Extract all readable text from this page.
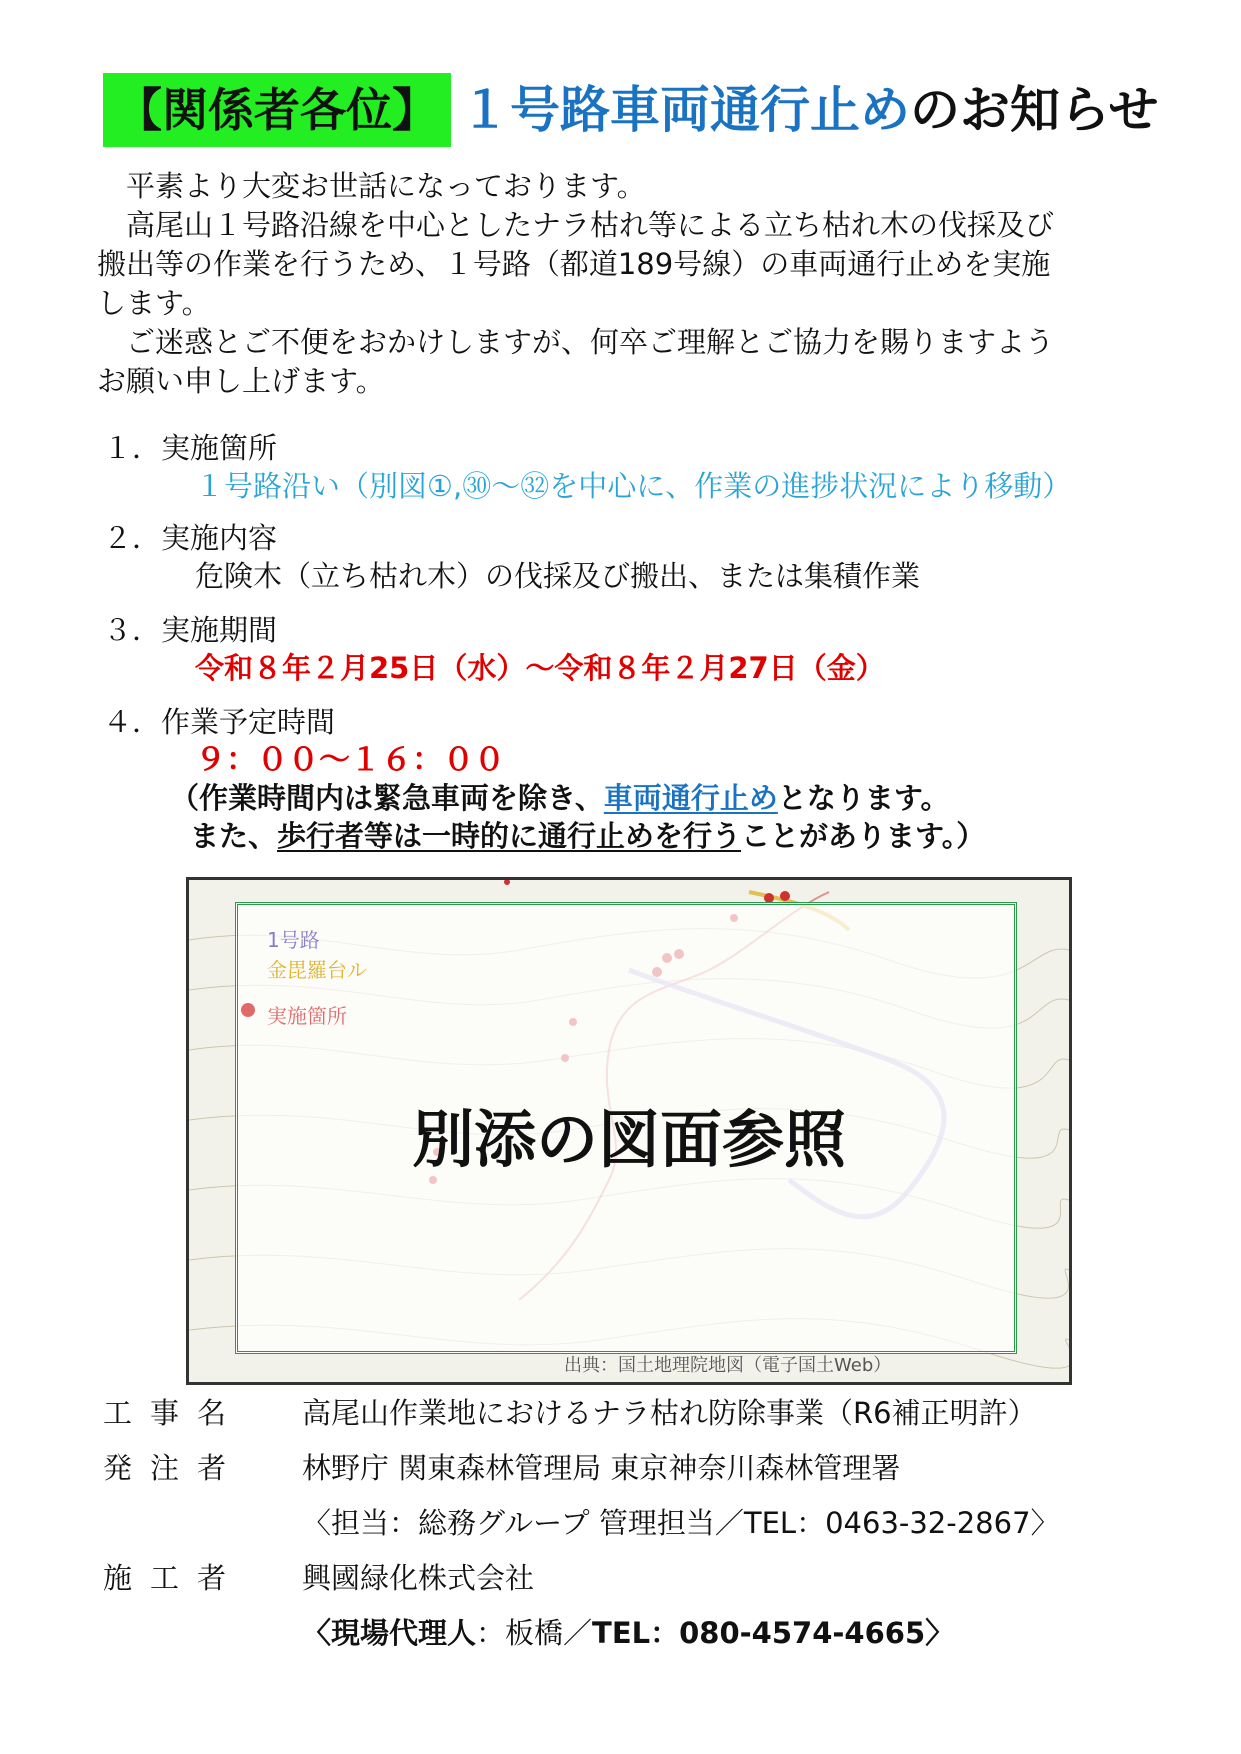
【関係者各位】 １号路車両通行止めのお知らせ
　平素より大変お世話になっております。
　高尾山１号路沿線を中心としたナラ枯れ等による立ち枯れ木の伐採及び
搬出等の作業を行うため、１号路（都道189号線）の車両通行止めを実施
します。
　ご迷惑とご不便をおかけしますが、何卒ご理解とご協力を賜りますよう
お願い申し上げます。
１．実施箇所
１号路沿い（別図①,㉚～㉜を中心に、作業の進捗状況により移動）
２．実施内容
危険木（立ち枯れ木）の伐採及び搬出、または集積作業
３．実施期間
令和８年２月25日（水）～令和８年２月27日（金）
４．作業予定時間
９：００～１６：００
（作業時間内は緊急車両を除き、車両通行止めとなります。
また、歩行者等は一時的に通行止めを行うことがあります。）
1号路
金毘羅台ル
実施箇所
別添の図面参照
出典：国土地理院地図（電子国土Web）
工事名 高尾山作業地におけるナラ枯れ防除事業（R6補正明許）
発注者 林野庁 関東森林管理局 東京神奈川森林管理署
〈担当：総務グループ 管理担当／TEL：0463-32-2867〉
施工者 興國緑化株式会社
〈現場代理人：板橋／TEL：080-4574-4665〉
